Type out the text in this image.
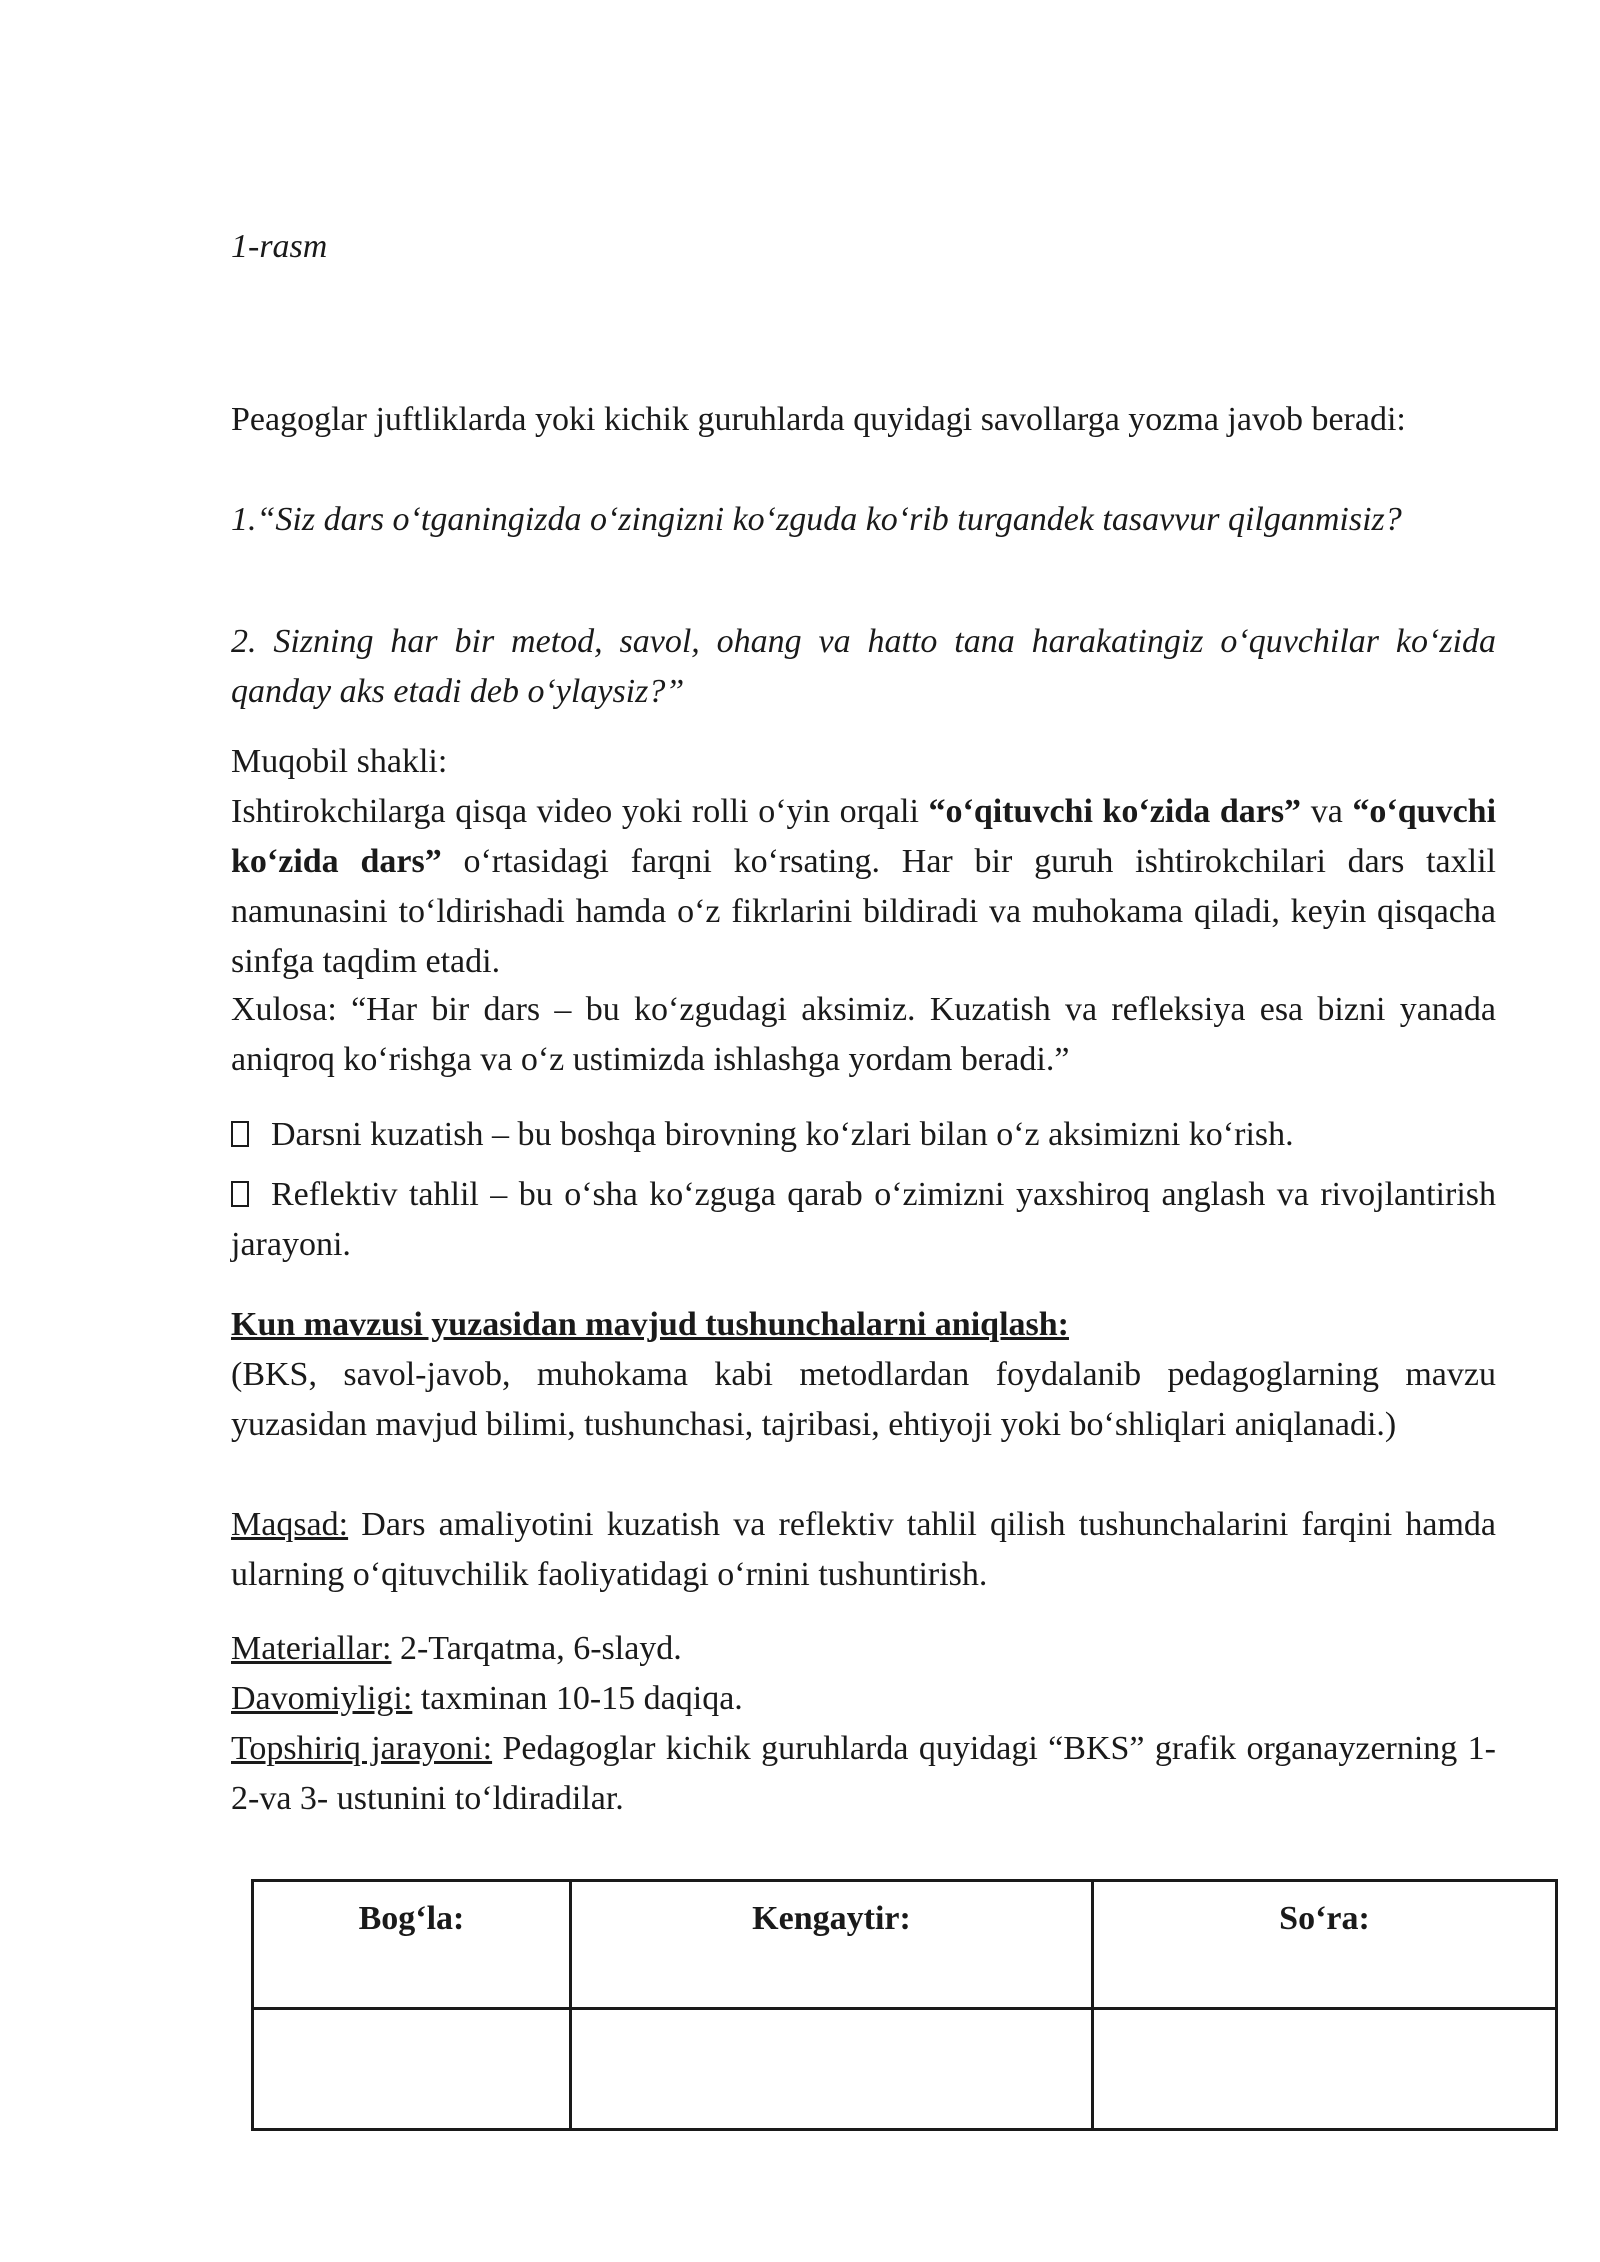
1-rasm

Peagoglar juftliklarda yoki kichik guruhlarda quyidagi savollarga yozma javob beradi:

1.“Siz dars o‘tganingizda o‘zingizni ko‘zguda ko‘rib turgandek tasavvur qilganmisiz?

2. Sizning har bir metod, savol, ohang va hatto tana harakatingiz o‘quvchilar ko‘zida qanday aks etadi deb o‘ylaysiz?”

Muqobil shakli:

Ishtirokchilarga qisqa video yoki rolli o‘yin orqali “o‘qituvchi ko‘zida dars” va “o‘quvchi ko‘zida dars” o‘rtasidagi farqni ko‘rsating. Har bir guruh ishtirokchilari dars taxlil namunasini to‘ldirishadi hamda o‘z fikrlarini bildiradi va muhokama qiladi, keyin qisqacha sinfga taqdim etadi.

Xulosa: “Har bir dars – bu ko‘zgudagi aksimiz. Kuzatish va refleksiya esa bizni yanada aniqroq ko‘rishga va o‘z ustimizda ishlashga yordam beradi.”

Darsni kuzatish – bu boshqa birovning ko‘zlari bilan o‘z aksimizni ko‘rish.

Reflektiv tahlil – bu o‘sha ko‘zguga qarab o‘zimizni yaxshiroq anglash va rivojlantirish jarayoni.

Kun mavzusi yuzasidan mavjud tushunchalarni aniqlash:

(BKS, savol-javob, muhokama kabi metodlardan foydalanib pedagoglarning mavzu yuzasidan mavjud bilimi, tushunchasi, tajribasi, ehtiyoji yoki bo‘shliqlari aniqlanadi.)

Maqsad: Dars amaliyotini kuzatish va reflektiv tahlil qilish tushunchalarini farqini hamda ularning o‘qituvchilik faoliyatidagi o‘rnini tushuntirish.

Materiallar: 2-Tarqatma, 6-slayd.

Davomiyligi: taxminan 10-15 daqiqa.

Topshiriq jarayoni: Pedagoglar kichik guruhlarda quyidagi “BKS” grafik organayzerning 1- 2-va 3- ustunini to‘ldiradilar.

Bog‘la:	Kengaytir:	So‘ra:
